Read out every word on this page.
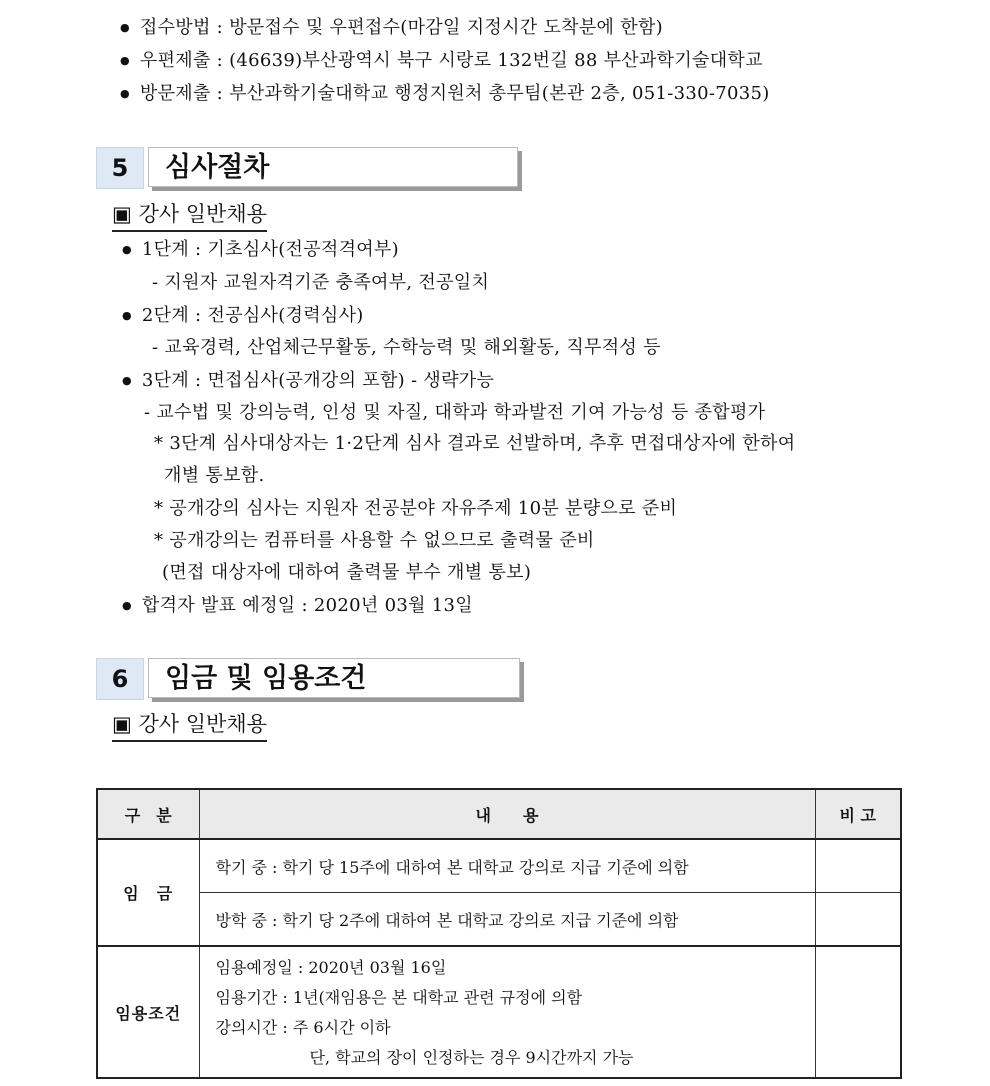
● 접수방법 : 방문접수 및 우편접수(마감일 지정시간 도착분에 한함)
● 우편제출 : (46639)부산광역시 북구 시랑로 132번길 88 부산과학기술대학교
● 방문제출 : 부산과학기술대학교 행정지원처 총무팀(본관 2층, 051-330-7035)
5	심사절차
▣ 강사 일반채용
● 1단계 : 기초심사(전공적격여부)
- 지원자 교원자격기준 충족여부, 전공일치
● 2단계 : 전공심사(경력심사)
- 교육경력, 산업체근무활동, 수학능력 및 해외활동, 직무적성 등
● 3단계 : 면접심사(공개강의 포함) - 생략가능
- 교수법 및 강의능력, 인성 및 자질, 대학과 학과발전 기여 가능성 등 종합평가
* 3단계 심사대상자는 1·2단계 심사 결과로 선발하며, 추후 면접대상자에 한하여
개별 통보함.
* 공개강의 심사는 지원자 전공분야 자유주제 10분 분량으로 준비
* 공개강의는 컴퓨터를 사용할 수 없으므로 출력물 준비
(면접 대상자에 대하여 출력물 부수 개별 통보)
● 합격자 발표 예정일 : 2020년 03월 13일
6	임금 및 임용조건
▣ 강사 일반채용
구　분	내　　용	비 고
임　금	학기 중 : 학기 당 15주에 대하여 본 대학교 강의로 지급 기준에 의함	
	방학 중 : 학기 당 2주에 대하여 본 대학교 강의로 지급 기준에 의함	
임용조건	임용예정일 : 2020년 03월 16일
임용기간 : 1년(재임용은 본 대학교 관련 규정에 의함
강의시간 : 주 6시간 이하
단, 학교의 장이 인정하는 경우 9시간까지 가능	
